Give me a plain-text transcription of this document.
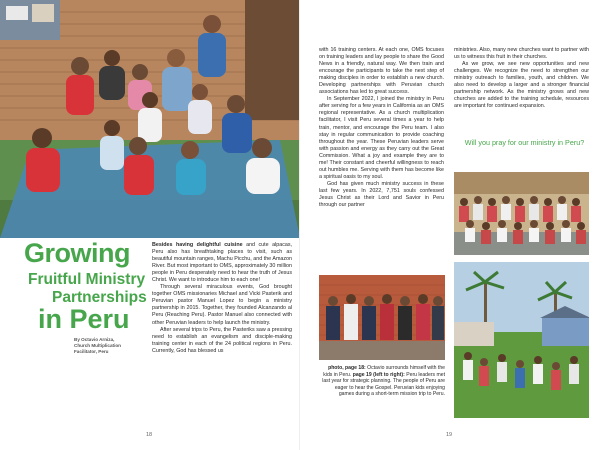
Growing
Fruitful Ministry
Partnerships
in Peru
By Octavio Arniza,
Church Multiplication
Facilitator, Peru

Besides having delightful cuisine and cute alpacas, Peru also has breathtaking places to visit, such as beautiful mountain ranges, Machu Picchu, and the Amazon River. But most important to OMS, approximately 30 million people in Peru desperately need to hear the truth of Jesus Christ. We want to introduce him to each one!

Through several miraculous events, God brought together OMS missionaries Michael and Vicki Pasterik and Peruvian pastor Manuel Lopez to begin a ministry partnership in 2015. Together, they founded Alcanzando al Peru (Reaching Peru). Pastor Manuel also connected with other Peruvian leaders to help launch the ministry.

After several trips to Peru, the Pasteriks saw a pressing need to establish an evangelism and disciple-making training center in each of the 24 political regions in Peru. Currently, God has blessed us

18

with 16 training centers. At each one, OMS focuses on training leaders and lay people to share the Good News in a friendly, natural way. We then train and encourage the participants to take the next step of making disciples in order to establish a new church. Developing partnerships with Peruvian church associations has led to great success.

In September 2022, I joined the ministry in Peru after serving for a few years in California as an OMS regional representative. As a church multiplication facilitator, I visit Peru several times a year to help train, mentor, and encourage the Peru team. I also stay in regular communication to provide coaching throughout the year. These Peruvian leaders serve with passion and energy as they carry out the Great Commission. What a joy and example they are to me! Their constant and cheerful willingness to reach out humbles me. Serving with them has become like a spiritual oasis to my soul.

God has given much ministry success in these last few years. In 2022, 7,751 souls confessed Jesus Christ as their Lord and Savior in Peru through our partner

ministries. Also, many new churches want to partner with us to witness this fruit in their churches.

As we grow, we see new opportunities and new challenges. We recognize the need to strengthen our ministry outreach to families, youth, and children. We also need to develop a larger and a stronger financial partnership network. As the ministry grows and new churches are added to the training schedule, resources are important for continued expansion.

Will you pray for our ministry in Peru?
photo, page 18: Octavio surrounds himself with the kids in Peru. page 19 (left to right): Peru leaders met last year for strategic planning. The people of Peru are eager to hear the Gospel. Peruvian kids enjoying games during a short-term mission trip to Peru.
19
